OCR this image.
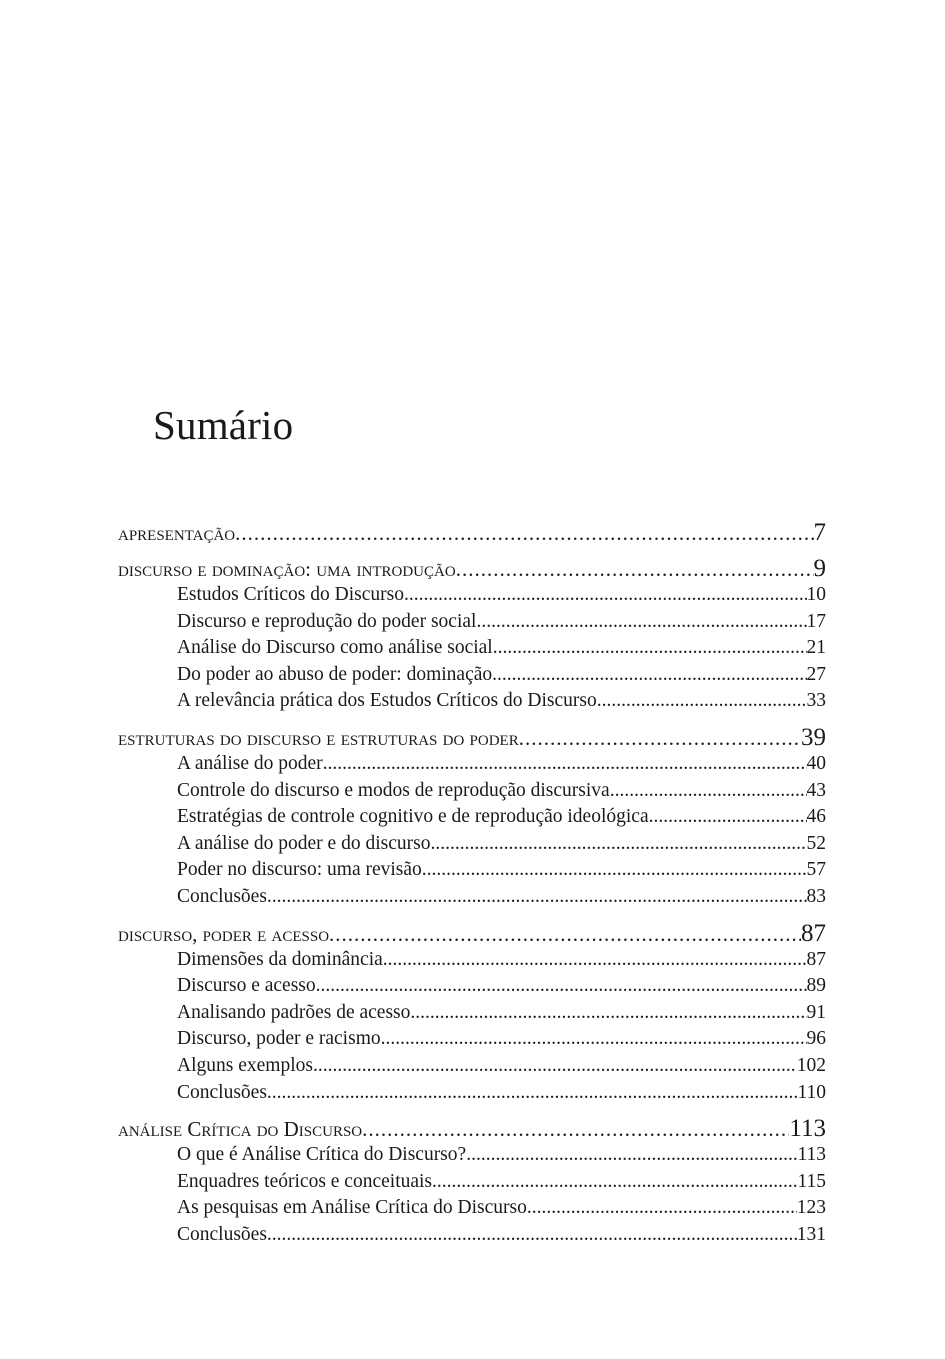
Sumário
apresentação .....	7
discurso e dominação: uma introdução .....	9
Estudos Críticos do Discurso .....	10
Discurso e reprodução do poder social .....	17
Análise do Discurso como análise social .....	21
Do poder ao abuso de poder: dominação .....	27
A relevância prática dos Estudos Críticos do Discurso .....	33
estruturas do discurso e estruturas do poder .....	39
A análise do poder .....	40
Controle do discurso e modos de reprodução discursiva .....	43
Estratégias de controle cognitivo e de reprodução ideológica .....	46
A análise do poder e do discurso .....	52
Poder no discurso: uma revisão .....	57
Conclusões .....	83
discurso, poder e acesso .....	87
Dimensões da dominância .....	87
Discurso e acesso .....	89
Analisando padrões de acesso .....	91
Discurso, poder e racismo .....	96
Alguns exemplos .....	102
Conclusões .....	110
análise Crítica do Discurso .....	113
O que é Análise Crítica do Discurso? .....	113
Enquadres teóricos e conceituais .....	115
As pesquisas em Análise Crítica do Discurso .....	123
Conclusões .....	131
